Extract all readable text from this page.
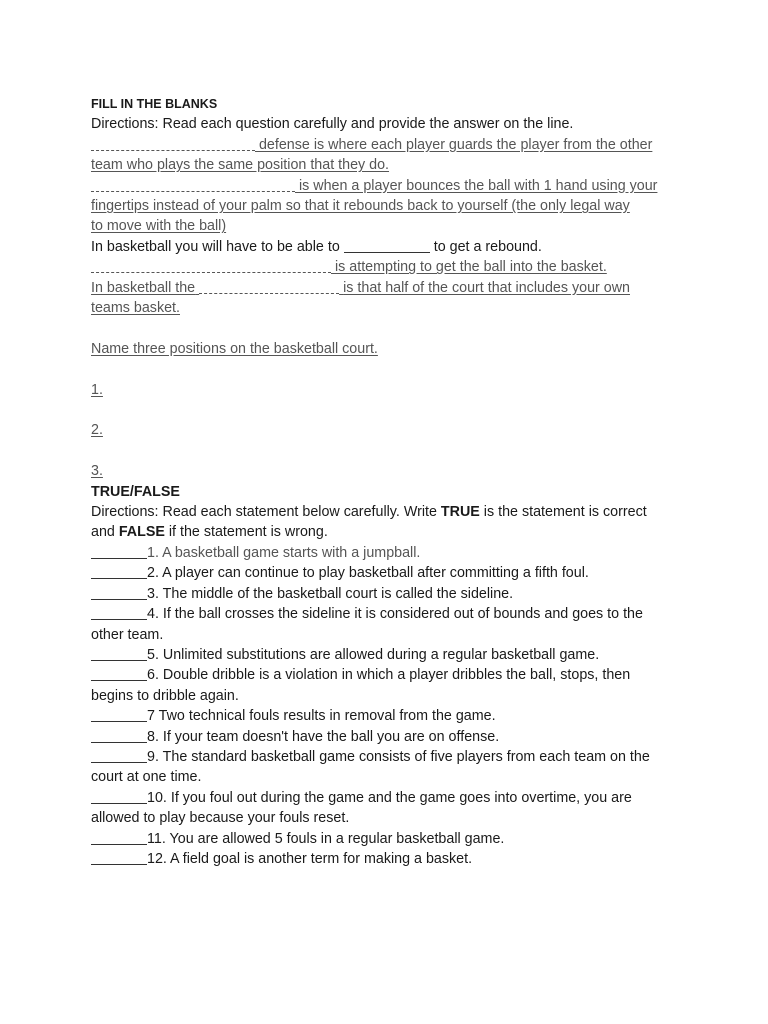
FILL IN THE BLANKS
Directions: Read each question carefully and provide the answer on the line.
defense is where each player guards the player from the other
team who plays the same position that they do.
is when a player bounces the ball with 1 hand using your
fingertips instead of your palm so that it rebounds back to yourself (the only legal way
to move with the ball)
In basketball you will have to be able to	to get a rebound.
is attempting to get the ball into the basket.
In basketball the	is that half of the court that includes your own
teams basket.
Name three positions on the basketball court.
1.
2.
3.
TRUE/FALSE
Directions: Read each statement below carefully. Write TRUE is the statement is correct
and FALSE if the statement is wrong.
1. A basketball game starts with a jumpball.
2. A player can continue to play basketball after committing a fifth foul.
3. The middle of the basketball court is called the sideline.
4. If the ball crosses the sideline it is considered out of bounds and goes to the
other team.
5. Unlimited substitutions are allowed during a regular basketball game.
6. Double dribble is a violation in which a player dribbles the ball, stops, then
begins to dribble again.
7 Two technical fouls results in removal from the game.
8. If your team doesn't have the ball you are on offense.
9. The standard basketball game consists of five players from each team on the
court at one time.
10. If you foul out during the game and the game goes into overtime, you are
allowed to play because your fouls reset.
11. You are allowed 5 fouls in a regular basketball game.
12. A field goal is another term for making a basket.
